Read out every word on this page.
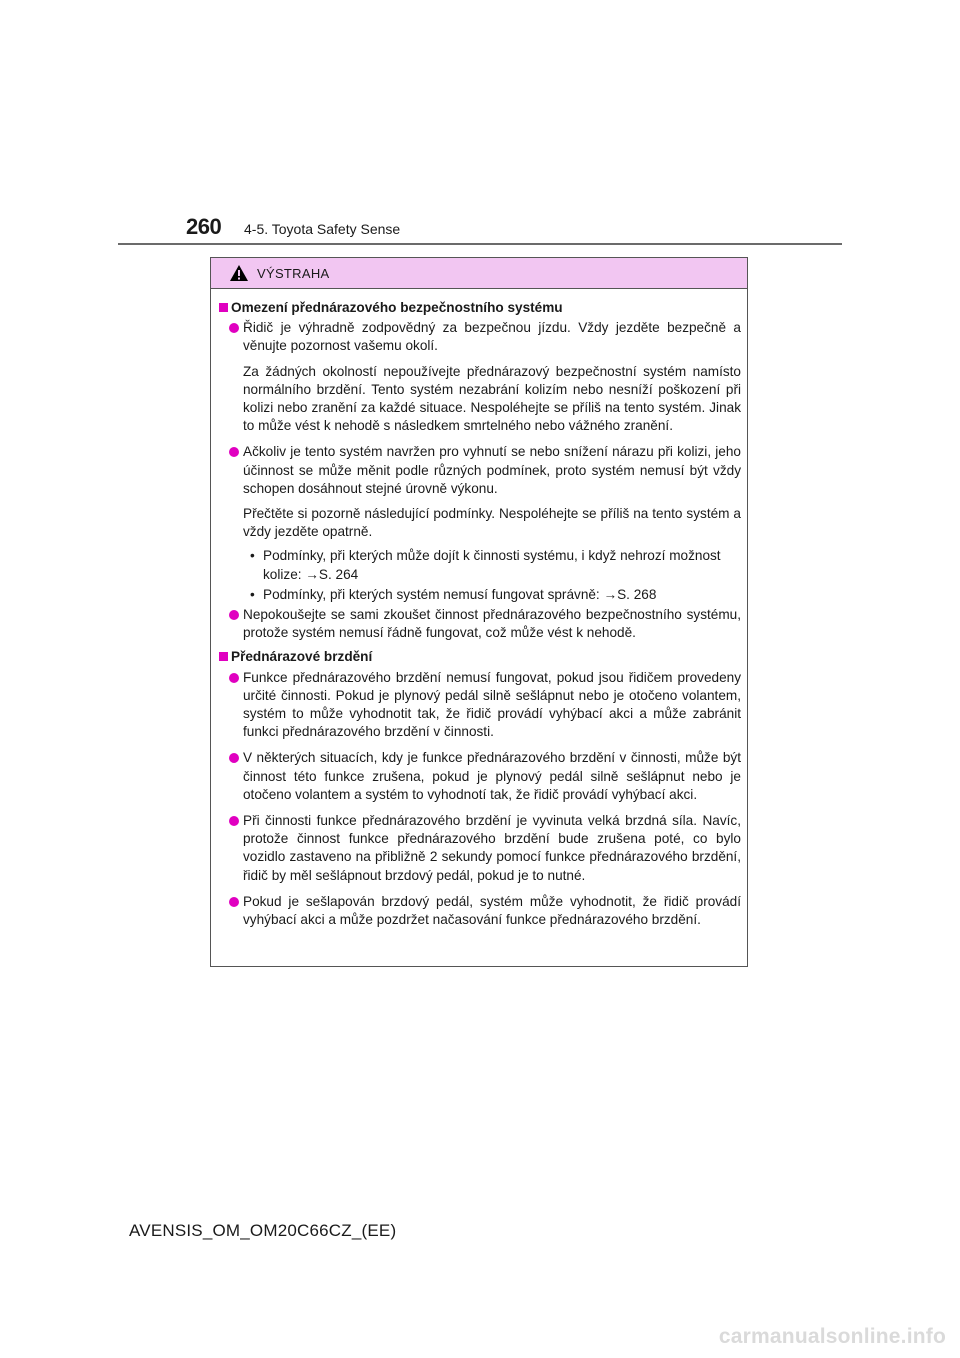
260 4-5. Toyota Safety Sense
VÝSTRAHA
Omezení přednárazového bezpečnostního systému
Řidič je výhradně zodpovědný za bezpečnou jízdu. Vždy jezděte bezpečně a věnujte pozornost vašemu okolí.
Za žádných okolností nepoužívejte přednárazový bezpečnostní systém namísto normálního brzdění. Tento systém nezabrání kolizím nebo nesníží poškození při kolizi nebo zranění za každé situace. Nespoléhejte se příliš na tento systém. Jinak to může vést k nehodě s následkem smrtelného nebo vážného zranění.
Ačkoliv je tento systém navržen pro vyhnutí se nebo snížení nárazu při kolizi, jeho účinnost se může měnit podle různých podmínek, proto systém nemusí být vždy schopen dosáhnout stejné úrovně výkonu.
Přečtěte si pozorně následující podmínky. Nespoléhejte se příliš na tento systém a vždy jezděte opatrně.
• Podmínky, při kterých může dojít k činnosti systému, i když nehrozí možnost kolize: →S. 264
• Podmínky, při kterých systém nemusí fungovat správně: →S. 268
Nepokoušejte se sami zkoušet činnost přednárazového bezpečnostního systému, protože systém nemusí řádně fungovat, což může vést k nehodě.
Přednárazové brzdění
Funkce přednárazového brzdění nemusí fungovat, pokud jsou řidičem provedeny určité činnosti. Pokud je plynový pedál silně sešlápnut nebo je otočeno volantem, systém to může vyhodnotit tak, že řidič provádí vyhýbací akci a může zabránit funkci přednárazového brzdění v činnosti.
V některých situacích, kdy je funkce přednárazového brzdění v činnosti, může být činnost této funkce zrušena, pokud je plynový pedál silně sešlápnut nebo je otočeno volantem a systém to vyhodnotí tak, že řidič provádí vyhýbací akci.
Při činnosti funkce přednárazového brzdění je vyvinuta velká brzdná síla. Navíc, protože činnost funkce přednárazového brzdění bude zrušena poté, co bylo vozidlo zastaveno na přibližně 2 sekundy pomocí funkce přednárazového brzdění, řidič by měl sešlápnout brzdový pedál, pokud je to nutné.
Pokud je sešlapován brzdový pedál, systém může vyhodnotit, že řidič provádí vyhýbací akci a může pozdržet načasování funkce přednárazového brzdění.
AVENSIS_OM_OM20C66CZ_(EE)
carmanualsonline.info
